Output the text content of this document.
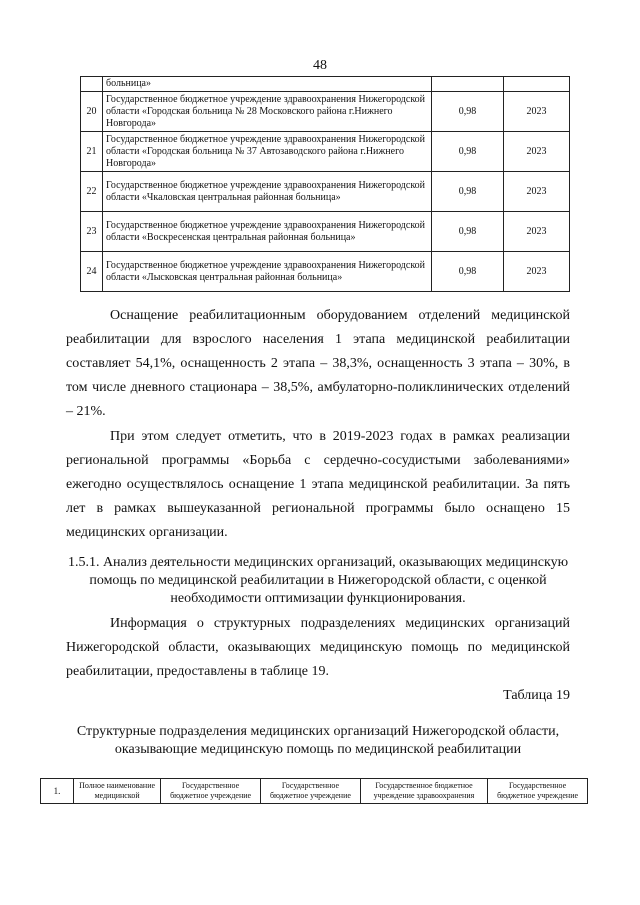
48
	больница»		
20	Государственное бюджетное учреждение здравоохранения Нижегородской области «Городская больница № 28 Московского района г.Нижнего Новгорода»	0,98	2023
21	Государственное бюджетное учреждение здравоохранения Нижегородской области «Городская больница № 37 Автозаводского района г.Нижнего Новгорода»	0,98	2023
22	Государственное бюджетное учреждение здравоохранения Нижегородской области «Чкаловская центральная районная больница»	0,98	2023
23	Государственное бюджетное учреждение здравоохранения Нижегородской области «Воскресенская центральная районная больница»	0,98	2023
24	Государственное бюджетное учреждение здравоохранения Нижегородской области «Лысковская центральная районная больница»	0,98	2023

Оснащение реабилитационным оборудованием отделений медицинской реабилитации для взрослого населения 1 этапа медицинской реабилитации составляет 54,1%, оснащенность 2 этапа – 38,3%, оснащенность 3 этапа – 30%, в том числе дневного стационара – 38,5%, амбулаторно-поликлинических отделений – 21%.

При этом следует отметить, что в 2019-2023 годах в рамках реализации региональной программы «Борьба с сердечно-сосудистыми заболеваниями» ежегодно осуществлялось оснащение 1 этапа медицинской реабилитации. За пять лет в рамках вышеуказанной региональной программы было оснащено 15 медицинских организации.

1.5.1. Анализ деятельности медицинских организаций, оказывающих медицинскую помощь по медицинской реабилитации в Нижегородской области, с оценкой необходимости оптимизации функционирования.

Информация о структурных подразделениях медицинских организаций Нижегородской области, оказывающих медицинскую помощь по медицинской реабилитации, предоставлены в таблице 19.

Таблица 19

Структурные подразделения медицинских организаций Нижегородской области, оказывающие медицинскую помощь по медицинской реабилитации

1.	Полное наименование медицинской	Государственное бюджетное учреждение	Государственное бюджетное учреждение	Государственное бюджетное учреждение здравоохранения	Государственное бюджетное учреждение
